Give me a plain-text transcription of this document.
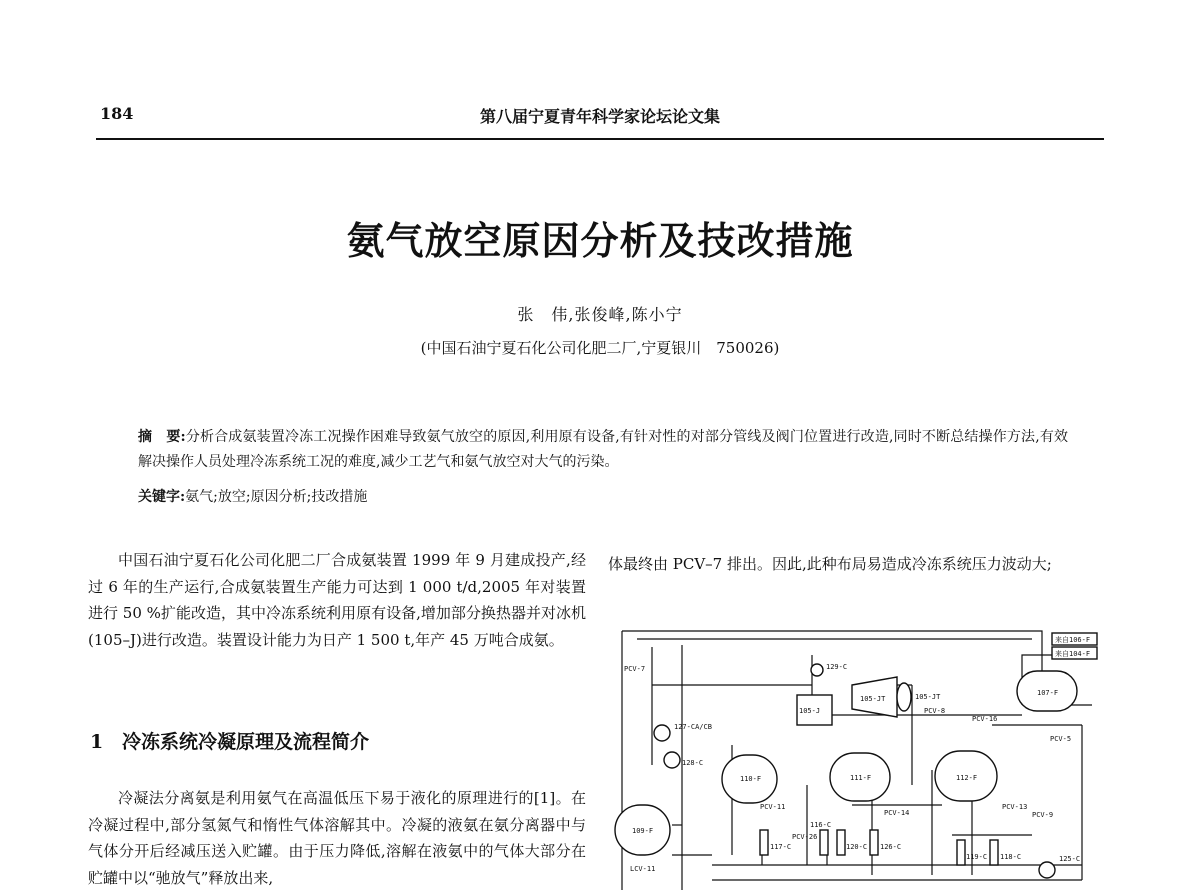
184	第八届宁夏青年科学家论坛论文集
氨气放空原因分析及技改措施
张　伟,张俊峰,陈小宁
(中国石油宁夏石化公司化肥二厂,宁夏银川　750026)
摘　要:分析合成氨装置冷冻工况操作困难导致氨气放空的原因,利用原有设备,有针对性的对部分管线及阀门位置进行改造,同时不断总结操作方法,有效解决操作人员处理冷冻系统工况的难度,减少工艺气和氨气放空对大气的污染。
关键字:氨气;放空;原因分析;技改措施

中国石油宁夏石化公司化肥二厂合成氨装置 1999 年 9 月建成投产,经过 6 年的生产运行,合成氨装置生产能力可达到 1 000 t/d,2005 年对装置进行 50 %扩能改造，其中冷冻系统利用原有设备,增加部分换热器并对冰机(105–J)进行改造。装置设计能力为日产 1 500 t,年产 45 万吨合成氨。

1 冷冻系统冷凝原理及流程简介

冷凝法分离氨是利用氨气在高温低压下易于液化的原理进行的[1]。在冷凝过程中,部分氢氮气和惰性气体溶解其中。冷凝的液氨在氨分离器中与气体分开后经减压送入贮罐。由于压力降低,溶解在液氨中的气体大部分在贮罐中以“驰放气”释放出来,

体最终由 PCV–7 排出。因此,此种布局易造成冷冻系统压力波动大;

107-F
109-F
110-F	111-F	112-F
105-J
105-JT	105-JT
129-C
127-CA/CB
128-C
117-C
116-C
120-C 126-C
125-C
119-C 118-C
PCV-7
PCV-8
PCV-14
PCV-11
PCV-16
PCV-9
PCV-26
PCV-13
来自106-F
来自104-F
PCV-5
LCV-11
